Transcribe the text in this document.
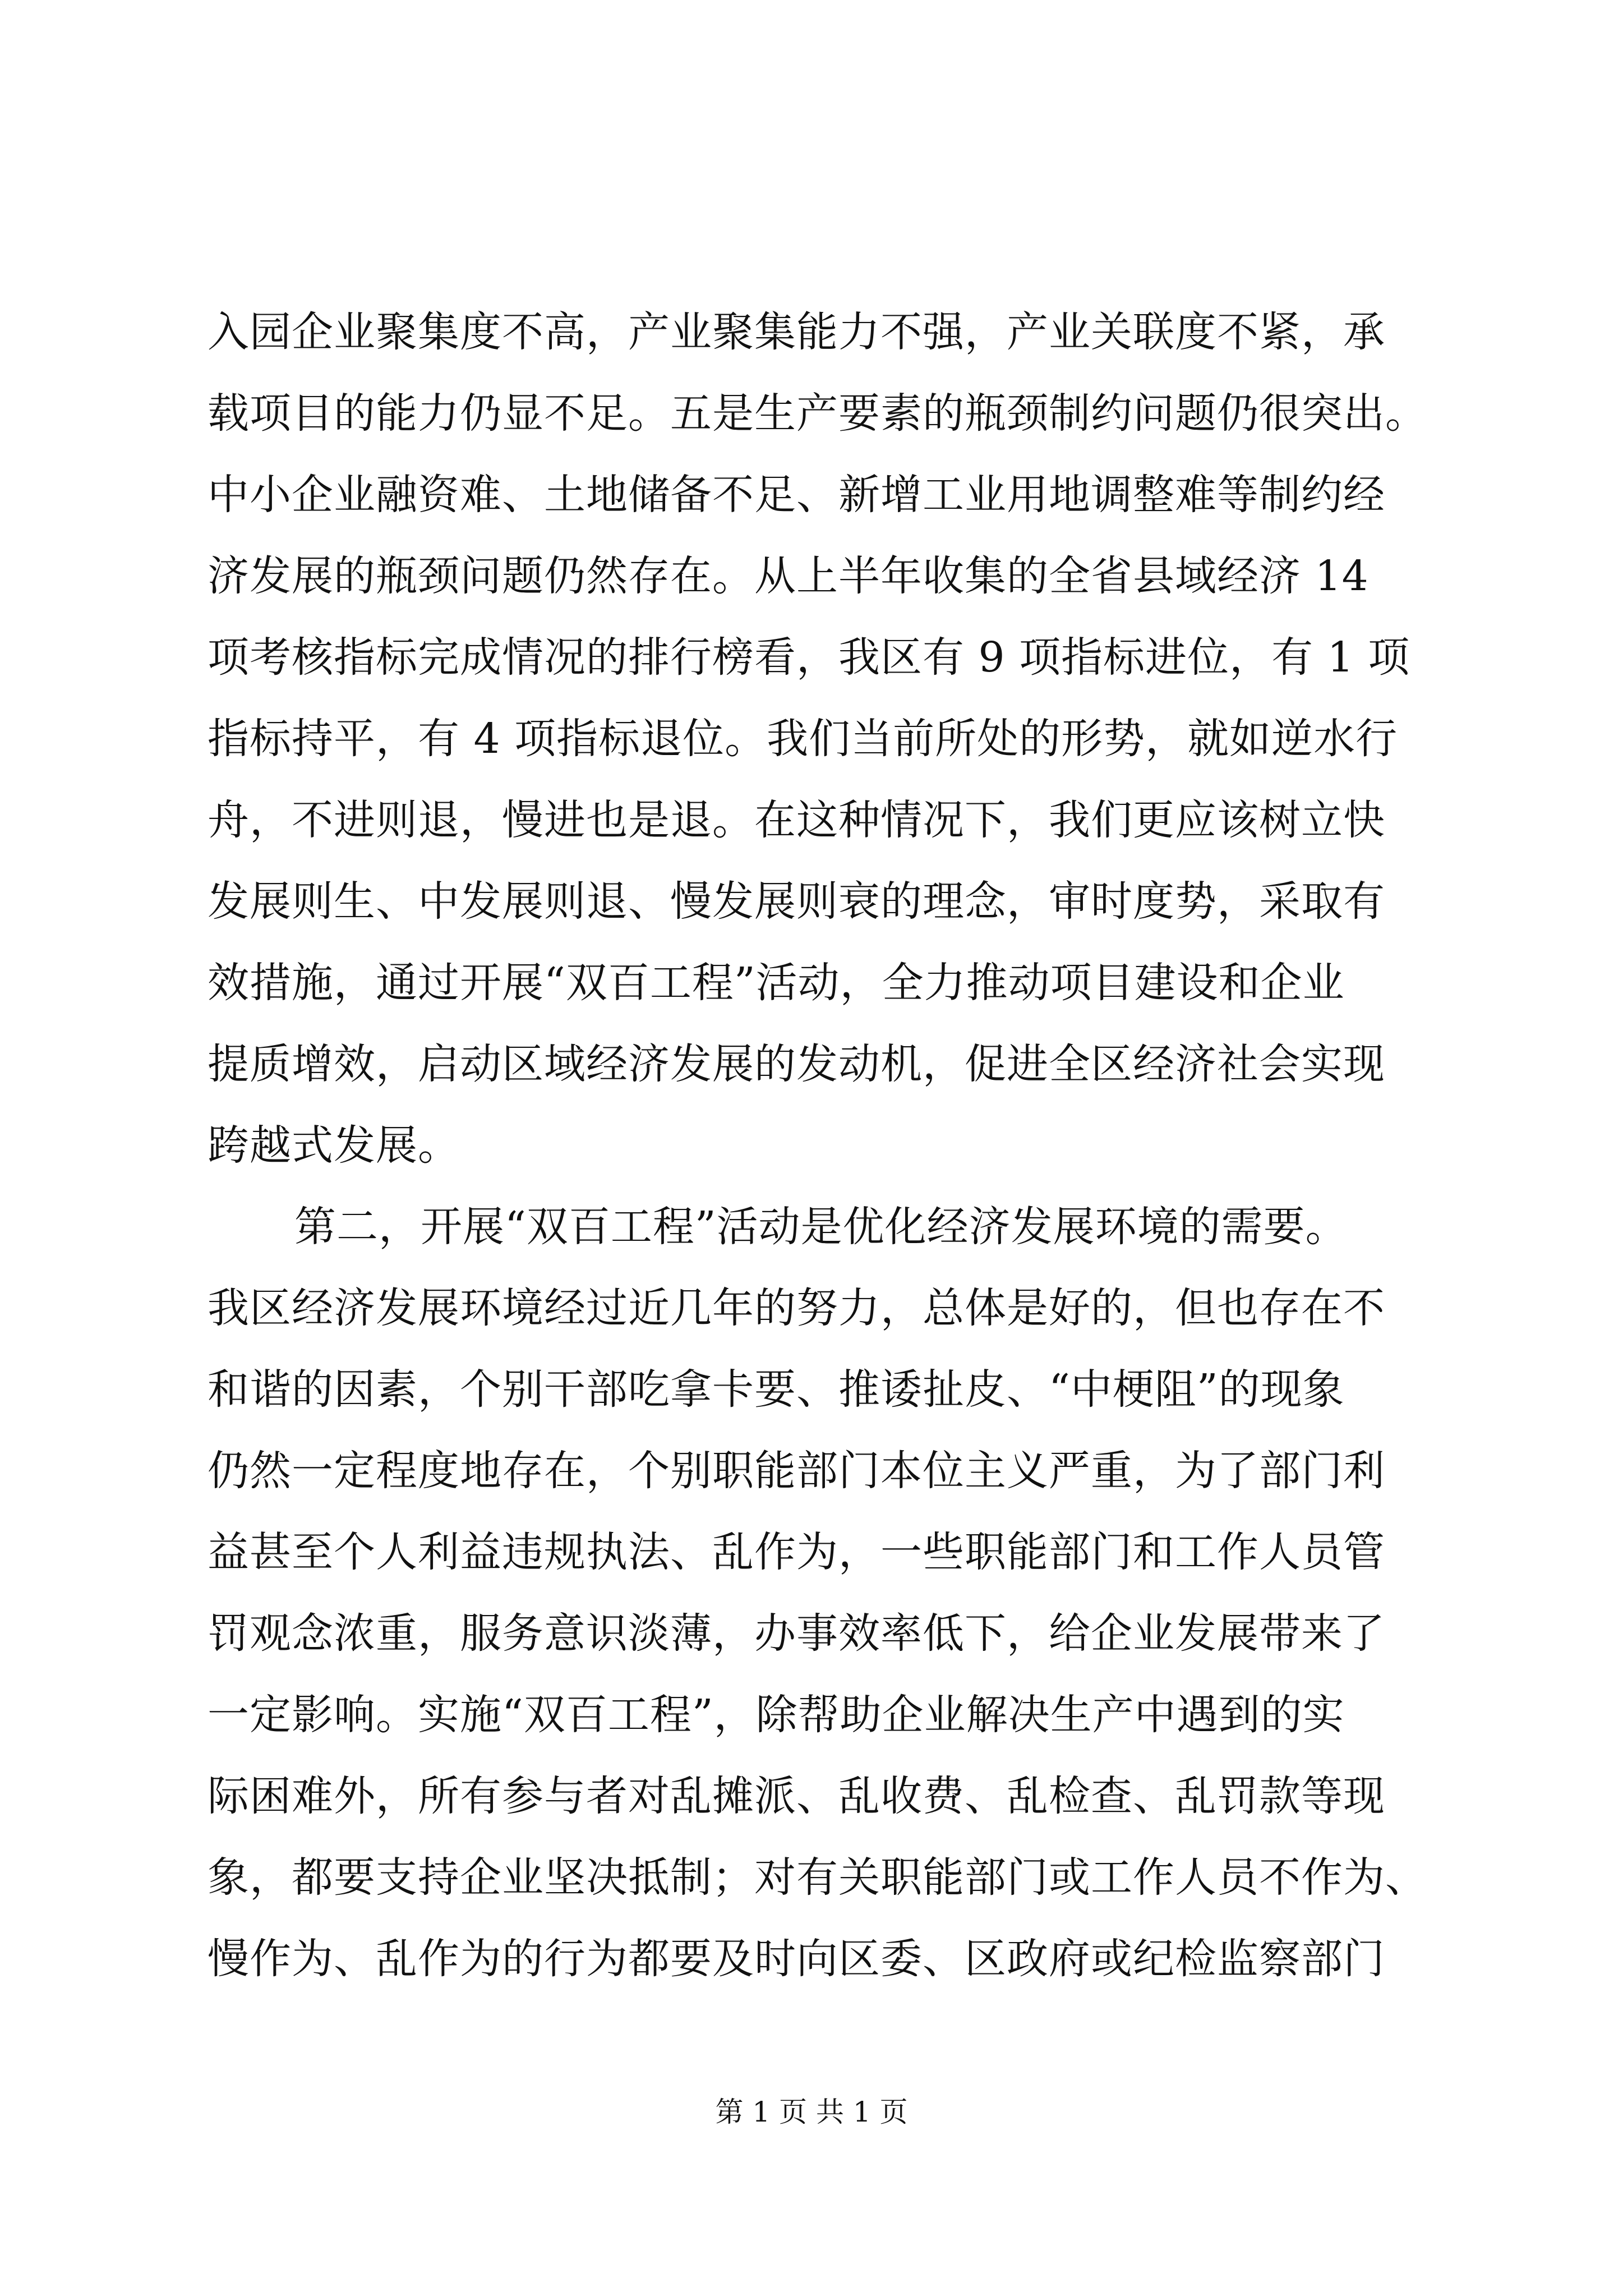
入园企业聚集度不高，产业聚集能力不强，产业关联度不紧，承
载项目的能力仍显不足。五是生产要素的瓶颈制约问题仍很突出。
中小企业融资难、土地储备不足、新增工业用地调整难等制约经
济发展的瓶颈问题仍然存在。从上半年收集的全省县域经济 14
项考核指标完成情况的排行榜看，我区有 9 项指标进位，有 1 项
指标持平，有 4 项指标退位。我们当前所处的形势，就如逆水行
舟，不进则退，慢进也是退。在这种情况下，我们更应该树立快
发展则生、中发展则退、慢发展则衰的理念，审时度势，采取有
效措施，通过开展“双百工程”活动，全力推动项目建设和企业
提质增效，启动区域经济发展的发动机，促进全区经济社会实现
跨越式发展。
第二，开展“双百工程”活动是优化经济发展环境的需要。
我区经济发展环境经过近几年的努力，总体是好的，但也存在不
和谐的因素，个别干部吃拿卡要、推诿扯皮、“中梗阻”的现象
仍然一定程度地存在，个别职能部门本位主义严重，为了部门利
益甚至个人利益违规执法、乱作为，一些职能部门和工作人员管
罚观念浓重，服务意识淡薄，办事效率低下，给企业发展带来了
一定影响。实施“双百工程”，除帮助企业解决生产中遇到的实
际困难外，所有参与者对乱摊派、乱收费、乱检查、乱罚款等现
象，都要支持企业坚决抵制；对有关职能部门或工作人员不作为、
慢作为、乱作为的行为都要及时向区委、区政府或纪检监察部门
第 1 页 共 1 页
